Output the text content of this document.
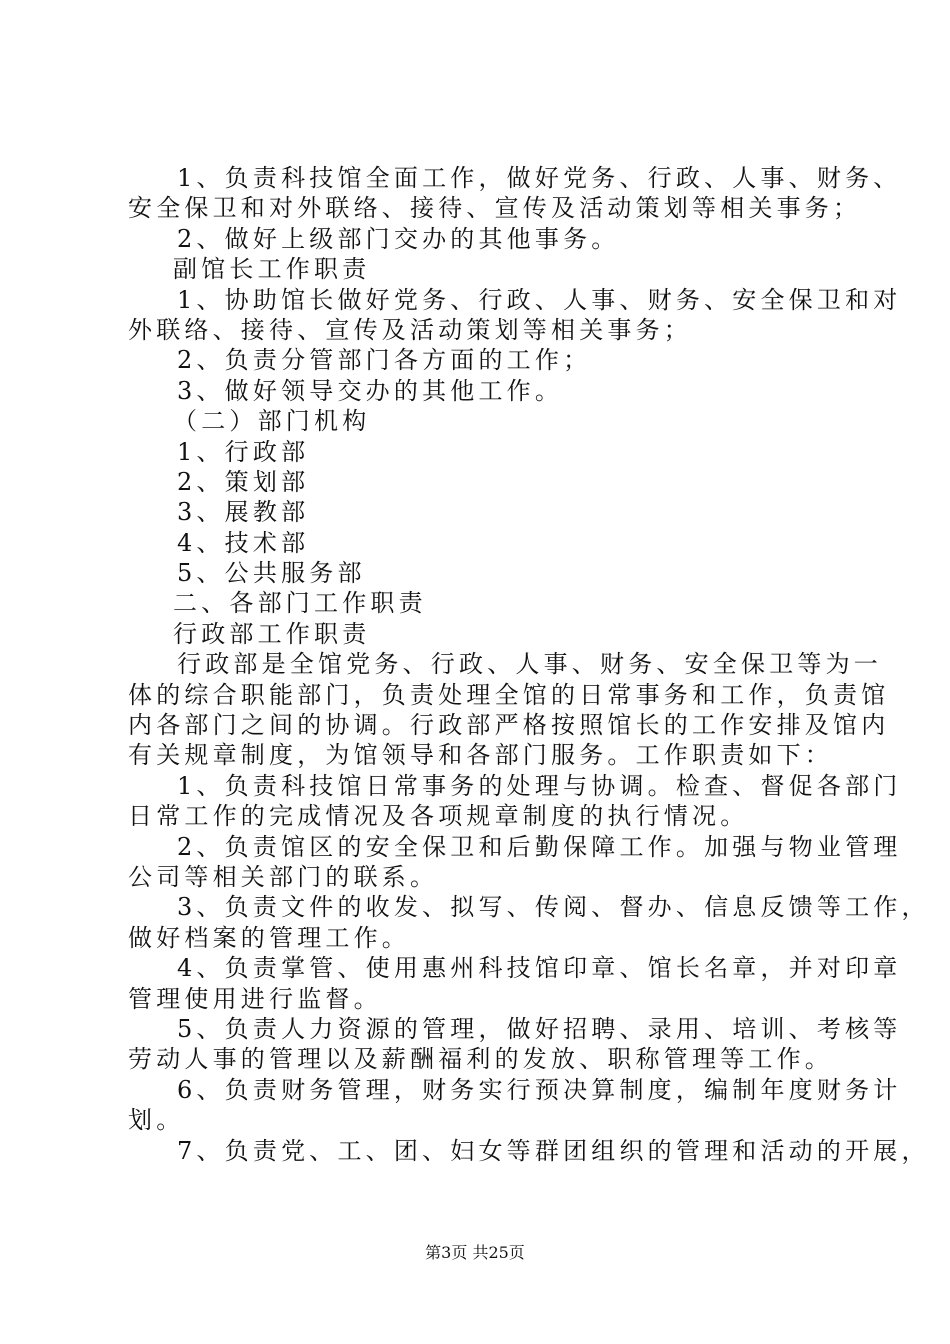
1、负责科技馆全面工作，做好党务、行政、人事、财务、
安全保卫和对外联络、接待、宣传及活动策划等相关事务；
2、做好上级部门交办的其他事务。
副馆长工作职责
1、协助馆长做好党务、行政、人事、财务、安全保卫和对
外联络、接待、宣传及活动策划等相关事务；
2、负责分管部门各方面的工作；
3、做好领导交办的其他工作。
（二）部门机构
1、行政部
2、策划部
3、展教部
4、技术部
5、公共服务部
二、各部门工作职责
行政部工作职责
行政部是全馆党务、行政、人事、财务、安全保卫等为一
体的综合职能部门，负责处理全馆的日常事务和工作，负责馆
内各部门之间的协调。行政部严格按照馆长的工作安排及馆内
有关规章制度，为馆领导和各部门服务。工作职责如下：
1、负责科技馆日常事务的处理与协调。检查、督促各部门
日常工作的完成情况及各项规章制度的执行情况。
2、负责馆区的安全保卫和后勤保障工作。加强与物业管理
公司等相关部门的联系。
3、负责文件的收发、拟写、传阅、督办、信息反馈等工作，
做好档案的管理工作。
4、负责掌管、使用惠州科技馆印章、馆长名章，并对印章
管理使用进行监督。
5、负责人力资源的管理，做好招聘、录用、培训、考核等
劳动人事的管理以及薪酬福利的发放、职称管理等工作。
6、负责财务管理，财务实行预决算制度，编制年度财务计
划。
7、负责党、工、团、妇女等群团组织的管理和活动的开展，
第3页 共25页
